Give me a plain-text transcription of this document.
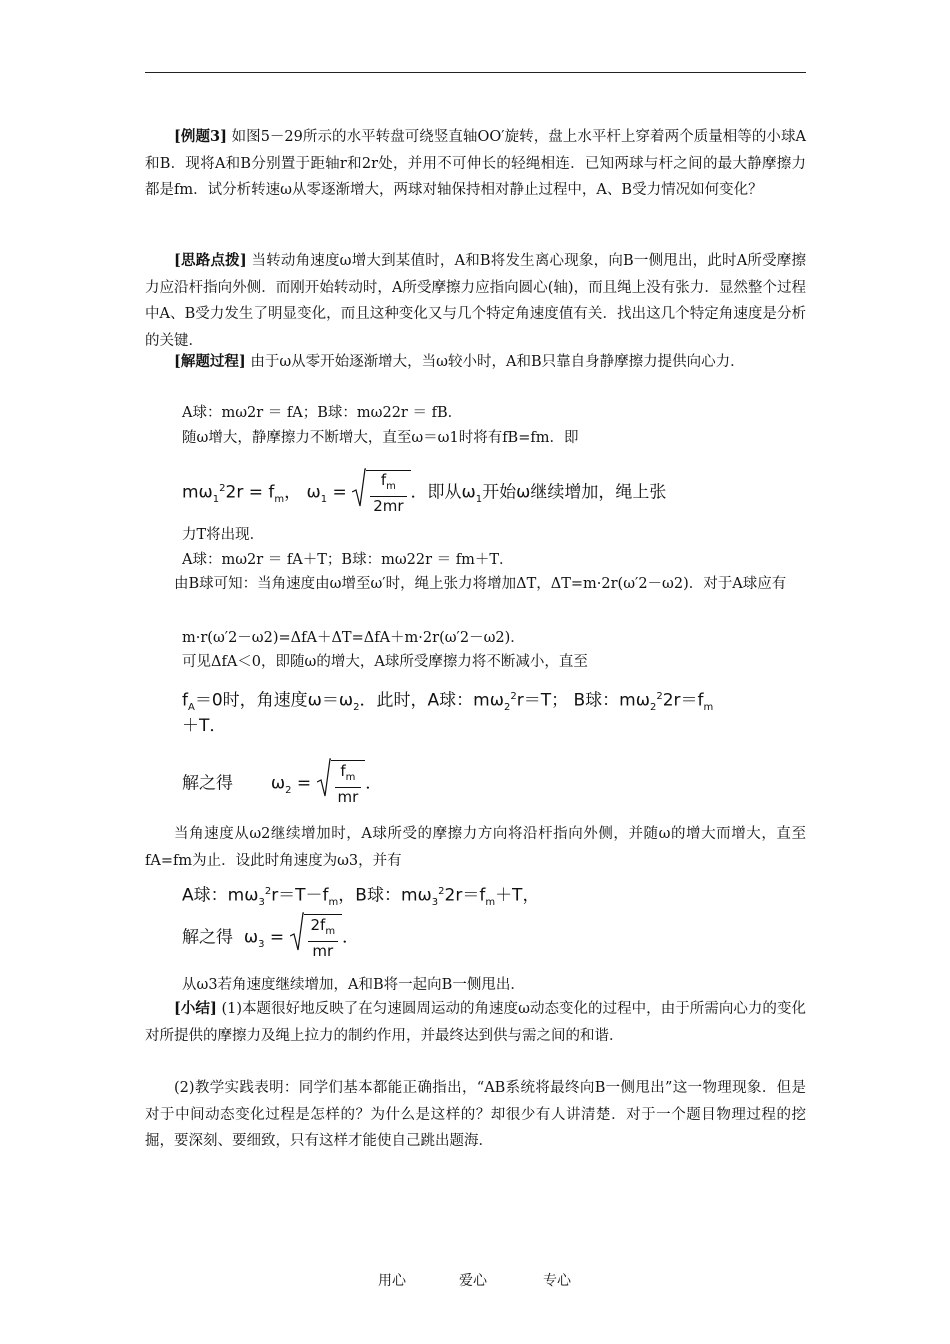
[例题3] 如图5－29所示的水平转盘可绕竖直轴OO′旋转，盘上水平杆上穿着两个质量相等的小球A和B．现将A和B分别置于距轴r和2r处，并用不可伸长的轻绳相连．已知两球与杆之间的最大静摩擦力都是fm．试分析转速ω从零逐渐增大，两球对轴保持相对静止过程中，A、B受力情况如何变化？
[思路点拨] 当转动角速度ω增大到某值时，A和B将发生离心现象，向B一侧甩出，此时A所受摩擦力应沿杆指向外侧．而刚开始转动时，A所受摩擦力应指向圆心(轴)，而且绳上没有张力．显然整个过程中A、B受力发生了明显变化，而且这种变化又与几个特定角速度值有关．找出这几个特定角速度是分析的关键．
[解题过程] 由于ω从零开始逐渐增大，当ω较小时，A和B只靠自身静摩擦力提供向心力．
A球：mω2r ＝ fA；B球：mω22r ＝ fB．
随ω增大，静摩擦力不断增大，直至ω＝ω1时将有fB=fm．即
$m\omega_1^22r = f_m$， $\omega_1 = \frac{f_m}{2mr}$ ．即从$\omega_1$开始ω继续增加，绳上张
力T将出现．
A球：mω2r ＝ fA＋T；B球：mω22r ＝ fm＋T．
由B球可知：当角速度由ω增至ω′时，绳上张力将增加ΔT，ΔT=m·2r(ω′2－ω2)．对于A球应有
m·r(ω′2－ω2)=ΔfA＋ΔT=ΔfA＋m·2r(ω′2－ω2)．
可见ΔfA＜0，即随ω的增大，A球所受摩擦力将不断减小，直至
$f_A=0$时，角速度$\omega=\omega_2$．此时，A球：$m\omega_2^2r=T$； B球：$m\omega_2^22r=f_m$
＋T．
解之得 $\omega_2 = \frac{f_m}{mr}$ ．
当角速度从ω2继续增加时，A球所受的摩擦力方向将沿杆指向外侧，并随ω的增大而增大，直至fA=fm为止．设此时角速度为ω3，并有
A球：$m\omega_3^2r=T-f_m$，B球：$m\omega_3^22r=f_m+T$，
解之得 $\omega_3 = \frac{2f_m}{mr}$ ．
从ω3若角速度继续增加，A和B将一起向B一侧甩出．
[小结] (1)本题很好地反映了在匀速圆周运动的角速度ω动态变化的过程中，由于所需向心力的变化对所提供的摩擦力及绳上拉力的制约作用，并最终达到供与需之间的和谐．
(2)教学实践表明：同学们基本都能正确指出，“AB系统将最终向B一侧甩出”这一物理现象．但是对于中间动态变化过程是怎样的？为什么是这样的？却很少有人讲清楚．对于一个题目物理过程的挖掘，要深刻、要细致，只有这样才能使自己跳出题海．
用心	爱心	专心
